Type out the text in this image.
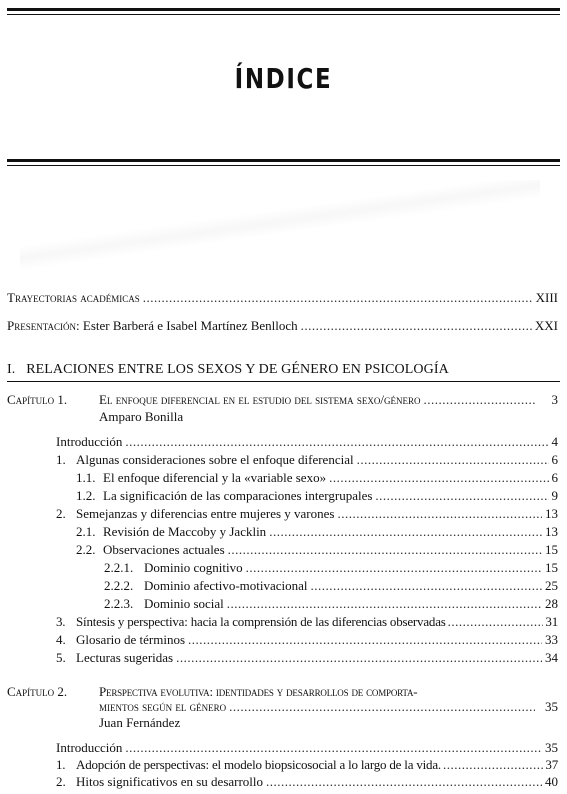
ÍNDICE
Trayectorias académicas .....	XIII
Presentación : Ester Barberá e Isabel Martínez Benlloch .....	XXI
I. RELACIONES ENTRE LOS SEXOS Y DE GÉNERO EN PSICOLOGÍA
Capítulo 1.	El enfoque diferencial en el estudio del sistema sexo/género .....	3
Amparo Bonilla
Introducción .....	4
1. Algunas consideraciones sobre el enfoque diferencial .....	6
1.1. El enfoque diferencial y la «variable sexo» .....	6
1.2. La significación de las comparaciones intergrupales .....	9
2. Semejanzas y diferencias entre mujeres y varones .....	13
2.1. Revisión de Maccoby y Jacklin .....	13
2.2. Observaciones actuales .....	15
2.2.1. Dominio cognitivo .....	15
2.2.2. Dominio afectivo-motivacional .....	25
2.2.3. Dominio social .....	28
3. Síntesis y perspectiva: hacia la comprensión de las diferencias observadas .....	31
4. Glosario de términos .....	33
5. Lecturas sugeridas .....	34
Capítulo 2.	Perspectiva evolutiva: identidades y desarrollos de comporta-
mientos según el género .....	35
Juan Fernández
Introducción .....	35
1. Adopción de perspectivas: el modelo biopsicosocial a lo largo de la vida. .....	37
2. Hitos significativos en su desarrollo .....	40
